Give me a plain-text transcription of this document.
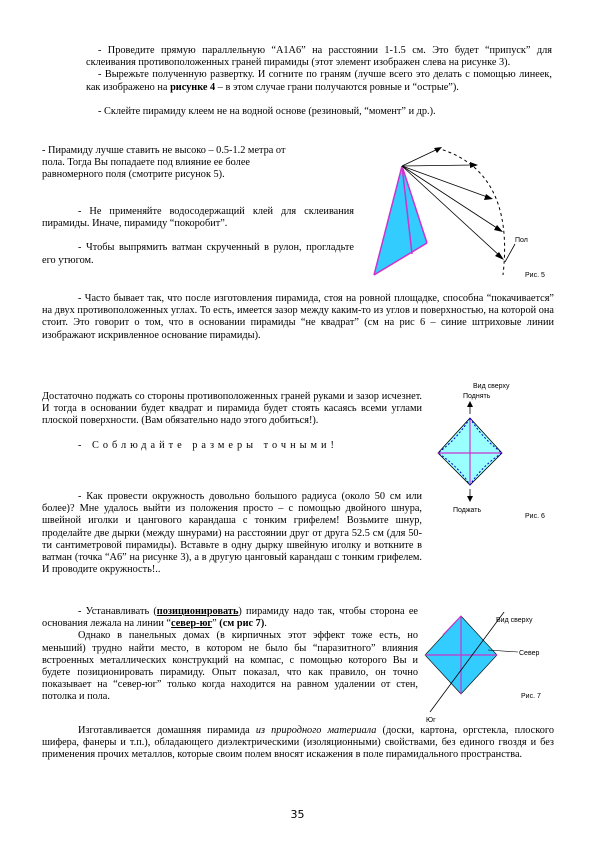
- Проведите прямую параллельную “А1А6” на расстоянии 1-1.5 см. Это будет “припуск” для склеивания противоположенных граней пирамиды (этот элемент изображен слева на рисунке 3).

- Вырежьте полученную развертку. И согните по граням (лучше всего это делать с помощью линеек, как изображено на рисунке 4 – в этом случае грани получаются ровные и “острые”).

- Склейте пирамиду клеем не на водной основе (резиновый, “момент” и др.).

- Пирамиду лучше ставить не высоко – 0.5-1.2 метра от пола. Тогда Вы попадаете под влияние ее более равномерного поля (смотрите рисунок 5).

- Не применяйте водосодержащий клей для склеивания пирамиды. Иначе, пирамиду “покоробит”.

- Чтобы выпрямить ватман скрученный в рулон, прогладьте его утюгом.

Пол
Рис. 5

- Часто бывает так, что после изготовления пирамида, стоя на ровной площадке, способна “покачивается” на двух противоположенных углах. То есть, имеется зазор между каким-то из углов и поверхностью, на которой она стоит. Это говорит о том, что в основании пирамиды “не квадрат” (см на рис 6 – синие штриховые линии изображают искривленное основание пирамиды).

Достаточно поджать со стороны противоположенных граней руками и зазор исчезнет. И тогда в основании будет квадрат и пирамида будет стоять касаясь всеми углами плоской поверхности. (Вам обязательно надо этого добиться!).

- Соблюдайте размеры точными!

- Как провести окружность довольно большого радиуса (около 50 см или более)? Мне удалось выйти из положения просто – с помощью двойного шнура, швейной иголки и цангового карандаша с тонким грифелем! Возьмите шнур, проделайте две дырки (между шнурами) на расстоянии друг от друга 52.5 см (для 50-ти сантиметровой пирамиды). Вставьте в одну дырку швейную иголку и воткните в ватман (точка “А6” на рисунке 3), а в другую цанговый карандаш с тонким грифелем. И проводите окружность!..

Вид сверху
Поднять
Поджать
Рис. 6

- Устанавливать (позиционировать) пирамиду надо так, чтобы сторона ее основания лежала на линии “север-юг” (см рис 7).

Однако в панельных домах (в кирпичных этот эффект тоже есть, но меньший) трудно найти место, в котором не было бы “паразитного” влияния встроенных металлических конструкций на компас, с помощью которого Вы и будете позиционировать пирамиду. Опыт показал, что как правило, он точно показывает на “север-юг” только когда находится на равном удалении от стен, потолка и пола.

Вид сверху
Север
Юг
Рис. 7

Изготавливается домашняя пирамида из природного материала (доски, картона, оргстекла, плоского шифера, фанеры и т.п.), обладающего диэлектрическими (изоляционными) свойствами, без единого гвоздя и без применения прочих металлов, которые своим полем вносят искажения в поле пирамидального пространства.

35
